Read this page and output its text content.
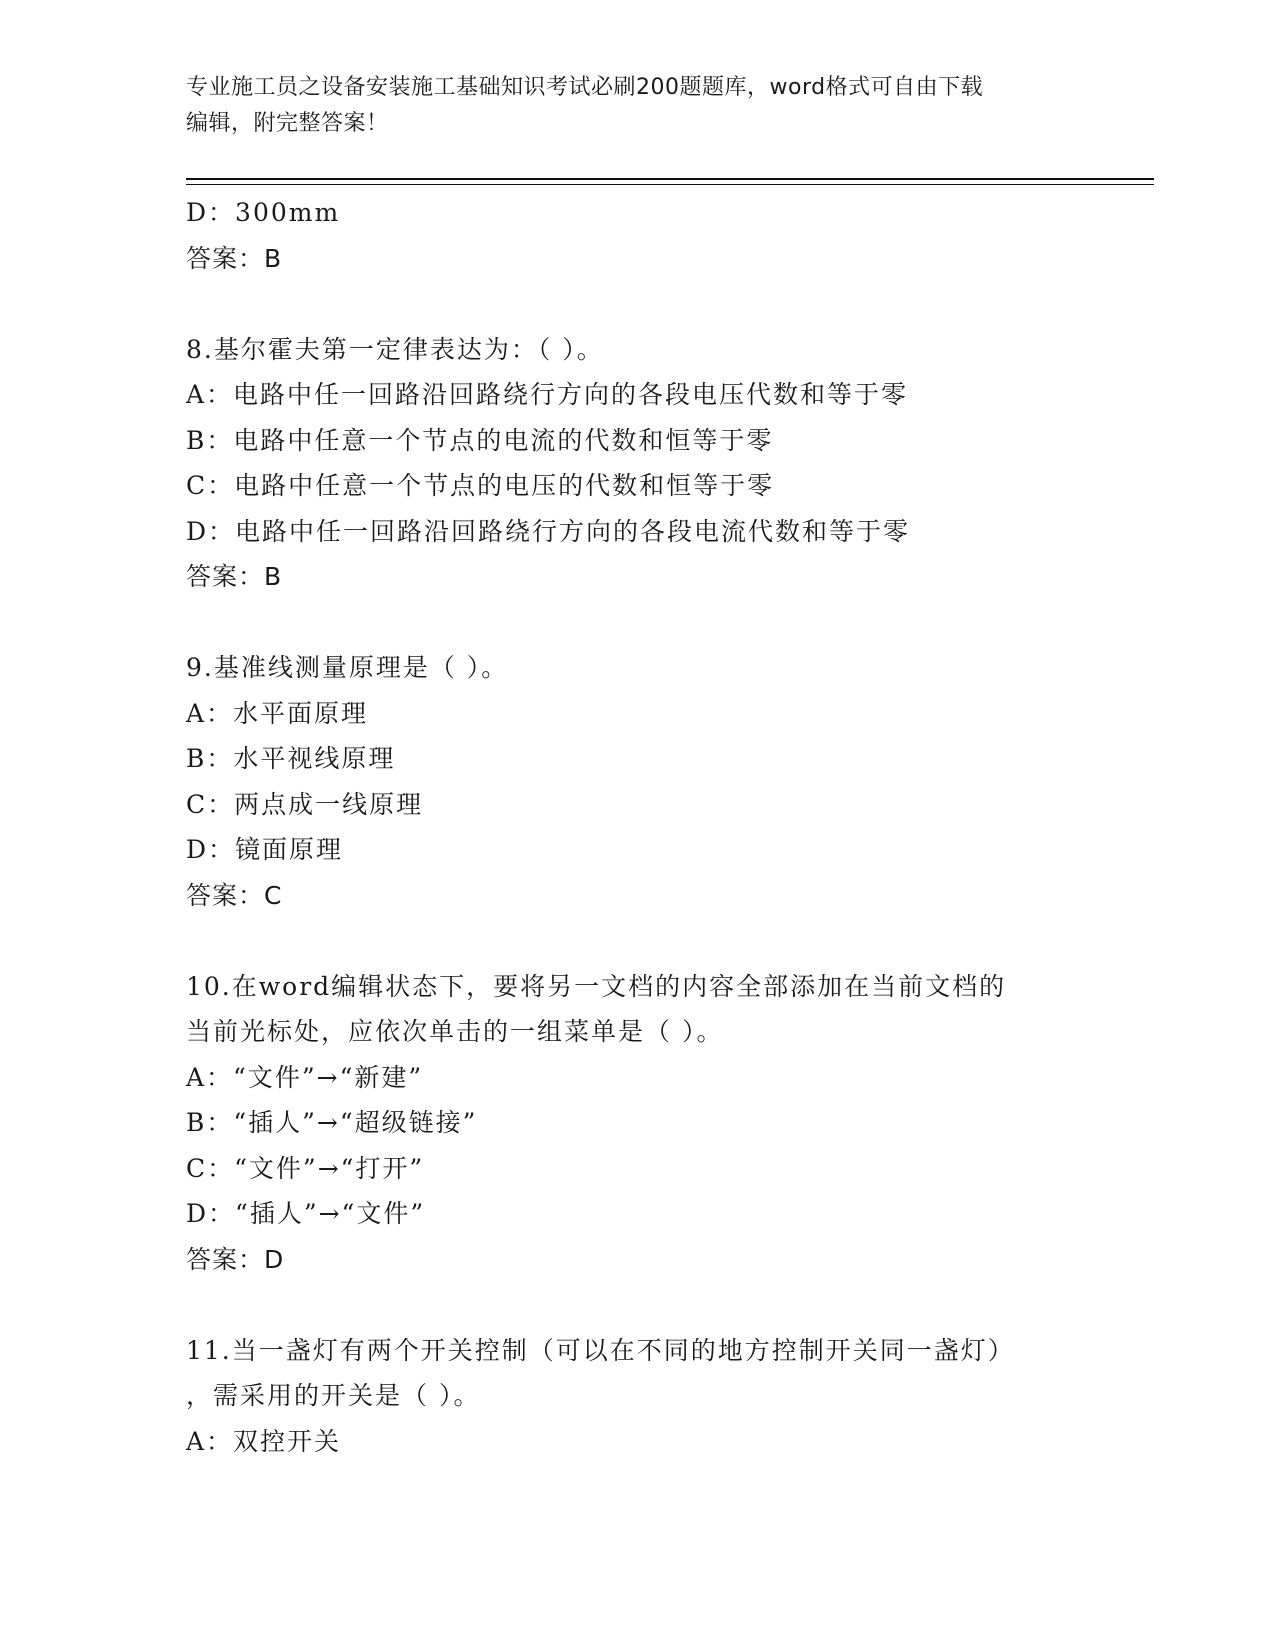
专业施工员之设备安装施工基础知识考试必刷200题题库，word格式可自由下载
编辑，附完整答案！
D：300mm
答案：B
8.基尔霍夫第一定律表达为：（ ）。
A：电路中任一回路沿回路绕行方向的各段电压代数和等于零
B：电路中任意一个节点的电流的代数和恒等于零
C：电路中任意一个节点的电压的代数和恒等于零
D：电路中任一回路沿回路绕行方向的各段电流代数和等于零
答案：B
9.基准线测量原理是（ ）。
A：水平面原理
B：水平视线原理
C：两点成一线原理
D：镜面原理
答案：C
10.在word编辑状态下，要将另一文档的内容全部添加在当前文档的
当前光标处，应依次单击的一组菜单是（ ）。
A：“文件”→“新建”
B：“插人”→“超级链接”
C：“文件”→“打开”
D：“插人”→“文件”
答案：D
11.当一盏灯有两个开关控制（可以在不同的地方控制开关同一盏灯）
，需采用的开关是（ ）。
A：双控开关
